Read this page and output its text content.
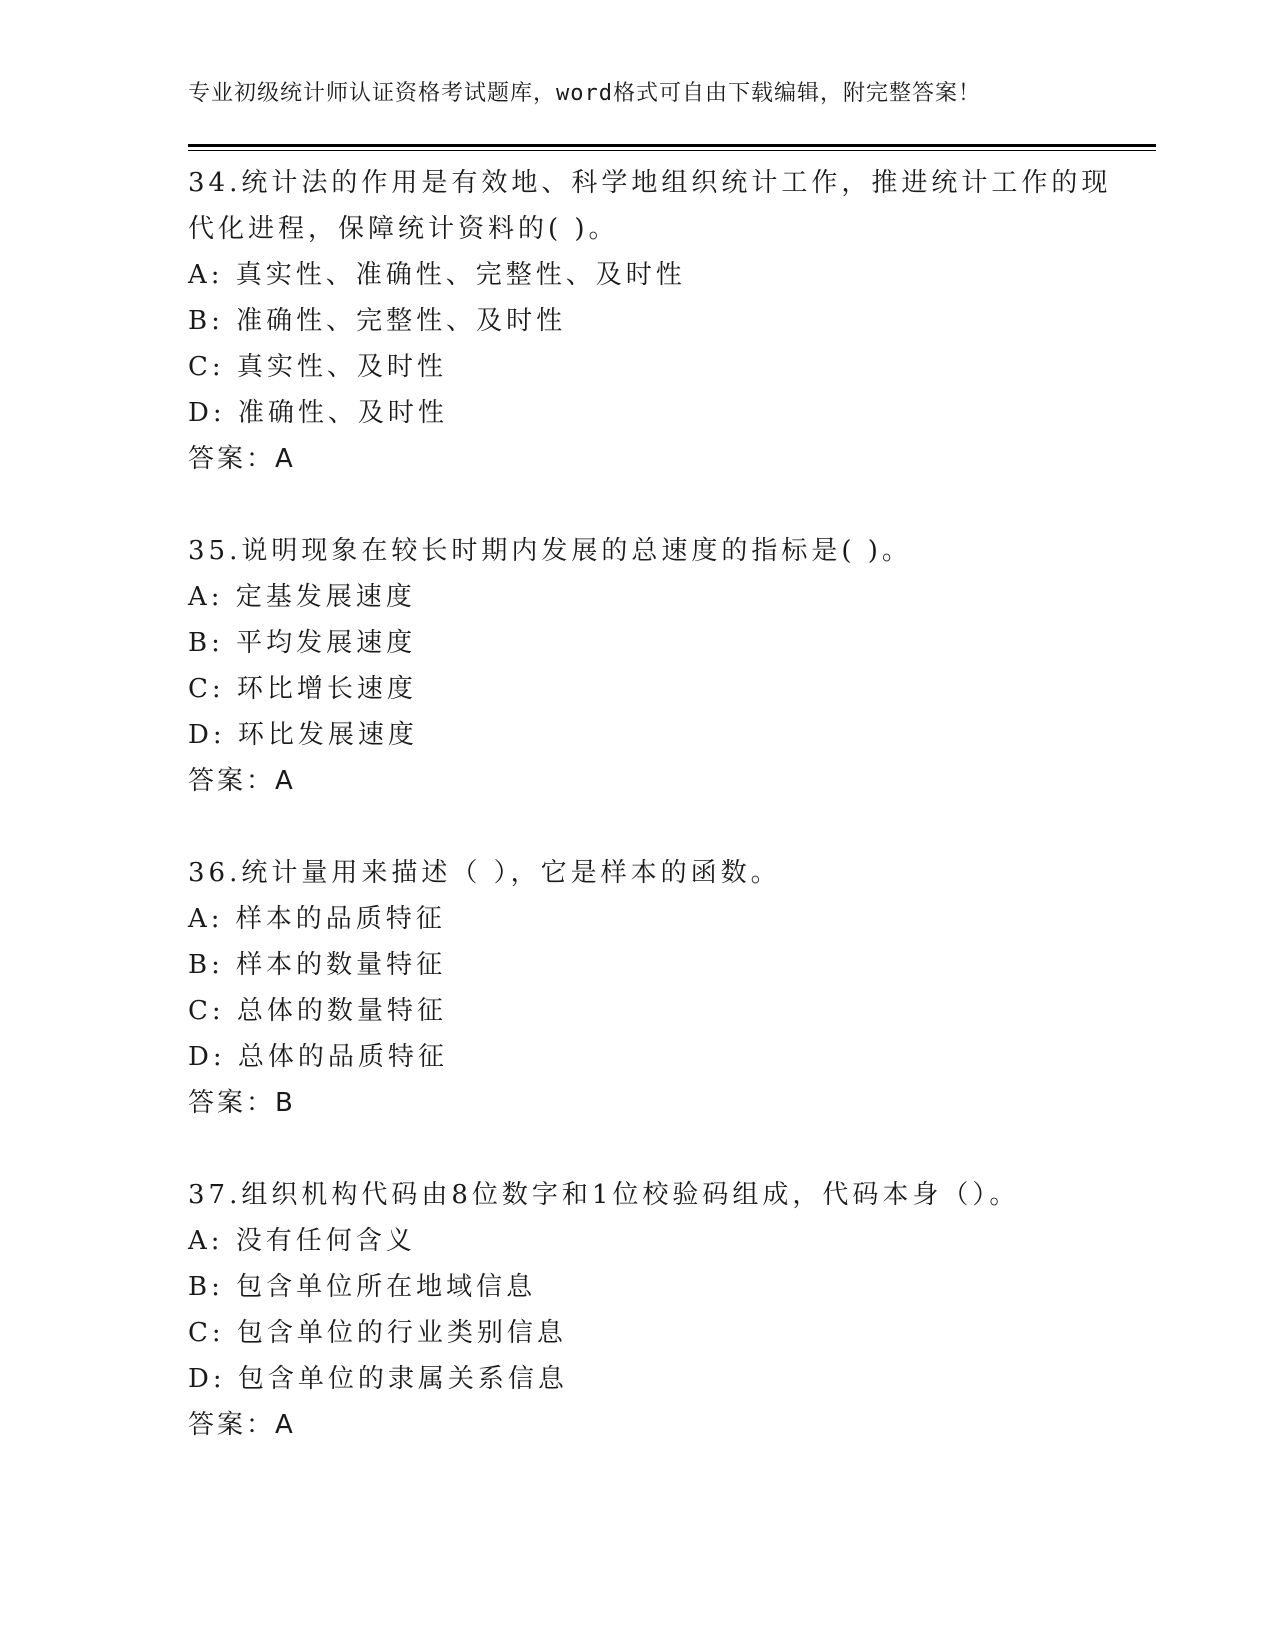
专业初级统计师认证资格考试题库，word格式可自由下载编辑，附完整答案！
34.统计法的作用是有效地、科学地组织统计工作，推进统计工作的现
代化进程，保障统计资料的( )。
A: 真实性、准确性、完整性、及时性
B: 准确性、完整性、及时性
C: 真实性、及时性
D: 准确性、及时性
答案：A
35.说明现象在较长时期内发展的总速度的指标是( )。
A: 定基发展速度
B: 平均发展速度
C: 环比增长速度
D: 环比发展速度
答案：A
36.统计量用来描述（ ），它是样本的函数。
A: 样本的品质特征
B: 样本的数量特征
C: 总体的数量特征
D: 总体的品质特征
答案：B
37.组织机构代码由8位数字和1位校验码组成，代码本身（）。
A: 没有任何含义
B: 包含单位所在地域信息
C: 包含单位的行业类别信息
D: 包含单位的隶属关系信息
答案：A
